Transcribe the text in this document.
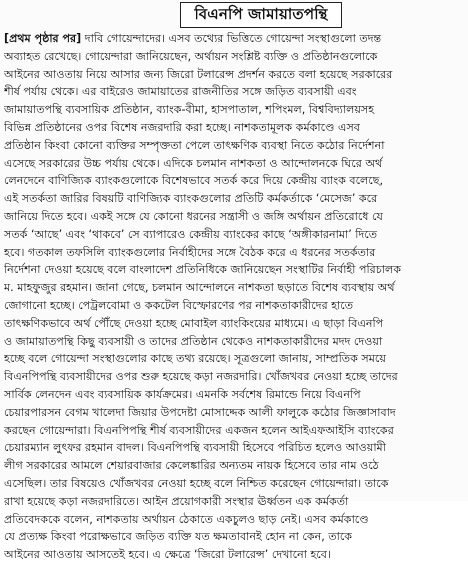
বিএনপি জামায়াতপন্থি
[প্রথম পৃষ্ঠার পর] দাবি গোয়েন্দাদের। এসব তথ্যের ভিত্তিতে গোয়েন্দা সংস্থাগুলো তদন্ত
অব্যাহত রেখেছে। গোয়েন্দারা জানিয়েছেন, অর্থায়ন সংশ্লিষ্ট ব্যক্তি ও প্রতিষ্ঠানগুলোকে
আইনের আওতায় নিয়ে আসার জন্য জিরো টলারেন্স প্রদর্শন করতে বলা হয়েছে সরকারের
শীর্ষ পর্যায় থেকে। এর বাইরেও জামায়াতের রাজনীতির সঙ্গে জড়িত ব্যবসায়ী এবং
জামায়াতপন্থি ব্যবসায়িক প্রতিষ্ঠান, ব্যাংক-বীমা, হাসপাতাল, শপিংমল, বিশ্ববিদ্যালয়সহ
বিভিন্ন প্রতিষ্ঠানের ওপর বিশেষ নজরদারি করা হচ্ছে। নাশকতামূলক কর্মকাণ্ডে এসব
প্রতিষ্ঠান কিংবা কোনো ব্যক্তির সম্পৃক্ততা পেলে তাৎক্ষণিক ব্যবস্থা নিতে কঠোর নির্দেশনা
এসেছে সরকারের উচ্চ পর্যায় থেকে। এদিকে চলমান নাশকতা ও আন্দোলনকে ঘিরে অর্থ
লেনদেনে বাণিজ্যিক ব্যাংকগুলোকে বিশেষভাবে সতর্ক করে দিয়ে কেন্দ্রীয় ব্যাংক বলেছে,
এই সতর্কতা জারির বিষয়টি বাণিজ্যিক ব্যাংকগুলোর প্রতিটি কর্মকর্তাকে ‘মেসেজ’ করে
জানিয়ে দিতে হবে। একই সঙ্গে যে কোনো ধরনের সন্ত্রাসী ও জঙ্গি অর্থায়ন প্রতিরোধে যে
সতর্ক ‘আছে’ এবং ‘থাকবে’ সে ব্যাপারেও কেন্দ্রীয় ব্যাংকের কাছে ‘অঙ্গীকারনামা’ দিতে
হবে। গতকাল তফসিলি ব্যাংকগুলোর নির্বাহীদের সঙ্গে বৈঠক করে এ ধরনের সতর্কতার
নির্দেশনা দেওয়া হয়েছে বলে বাংলাদেশ প্রতিনিধিকে জানিয়েছেন সংস্থাটির নির্বাহী পরিচালক
ম. মাহফুজুর রহমান। জানা গেছে, চলমান আন্দোলনে নাশকতা ছড়াতে বিশেষ ব্যবস্থায় অর্থ
জোগানো হচ্ছে। পেট্রলবোমা ও ককটেল বিস্ফোরণের পর নাশকতাকারীদের হাতে
তাৎক্ষণিকভাবে অর্থ পৌঁছে দেওয়া হচ্ছে মোবাইল ব্যাংকিংয়ের মাধ্যমে। এ ছাড়া বিএনপি
ও জামায়াতপন্থি কিছু ব্যবসায়ী ও তাদের প্রতিষ্ঠান থেকেও নাশকতাকারীদের মদদ দেওয়া
হচ্ছে বলে গোয়েন্দা সংস্থাগুলোর কাছে তথ্য রয়েছে। সূত্রগুলো জানায়, সাম্প্রতিক সময়ে
বিএনপিপন্থি ব্যবসায়ীদের ওপর শুরু হয়েছে কড়া নজরদারি। খোঁজখবর নেওয়া হচ্ছে তাদের
সার্বিক লেনদেন এবং ব্যবসায়িক কার্যক্রমের। এমনকি সর্বশেষ রিমান্ডে নিয়ে বিএনপি
চেয়ারপারসন বেগম খালেদা জিয়ার উপদেষ্টা মোসাদ্দেক আলী ফালুকে কঠোর জিজ্ঞাসাবাদ
করছেন গোয়েন্দারা। বিএনপিপন্থি শীর্ষ ব্যবসায়ীদের একজন হলেন আইএফআইসি ব্যাংকের
চেয়ারম্যান লুৎফর রহমান বাদল। বিএনপিপন্থি ব্যবসায়ী হিসেবে পরিচিত হলেও আওয়ামী
লীগ সরকারের আমলে শেয়ারবাজার কেলেঙ্কারির অন্যতম নায়ক হিসেবে তার নাম ওঠে
এসেছিল। তার বিষয়েও খোঁজখবর নেওয়া হচ্ছে বলে নিশ্চিত করেছেন গোয়েন্দারা। তাকে
রাখা হয়েছে কড়া নজরদারিতে। আইন প্রয়োগকারী সংস্থার ঊর্ধ্বতন এক কর্মকর্তা
প্রতিবেদককে বলেন, নাশকতায় অর্থায়ন ঠেকাতে একচুলও ছাড় নেই। এসব কর্মকাণ্ডে
যে প্রত্যক্ষ কিংবা পরোক্ষভাবে জড়িত ব্যক্তি যত ক্ষমতাবানই হোন না কেন, তাকে
আইনের আওতায় আসতেই হবে। এ ক্ষেত্রে ‘জিরো টলারেন্স’ দেখানো হবে।
